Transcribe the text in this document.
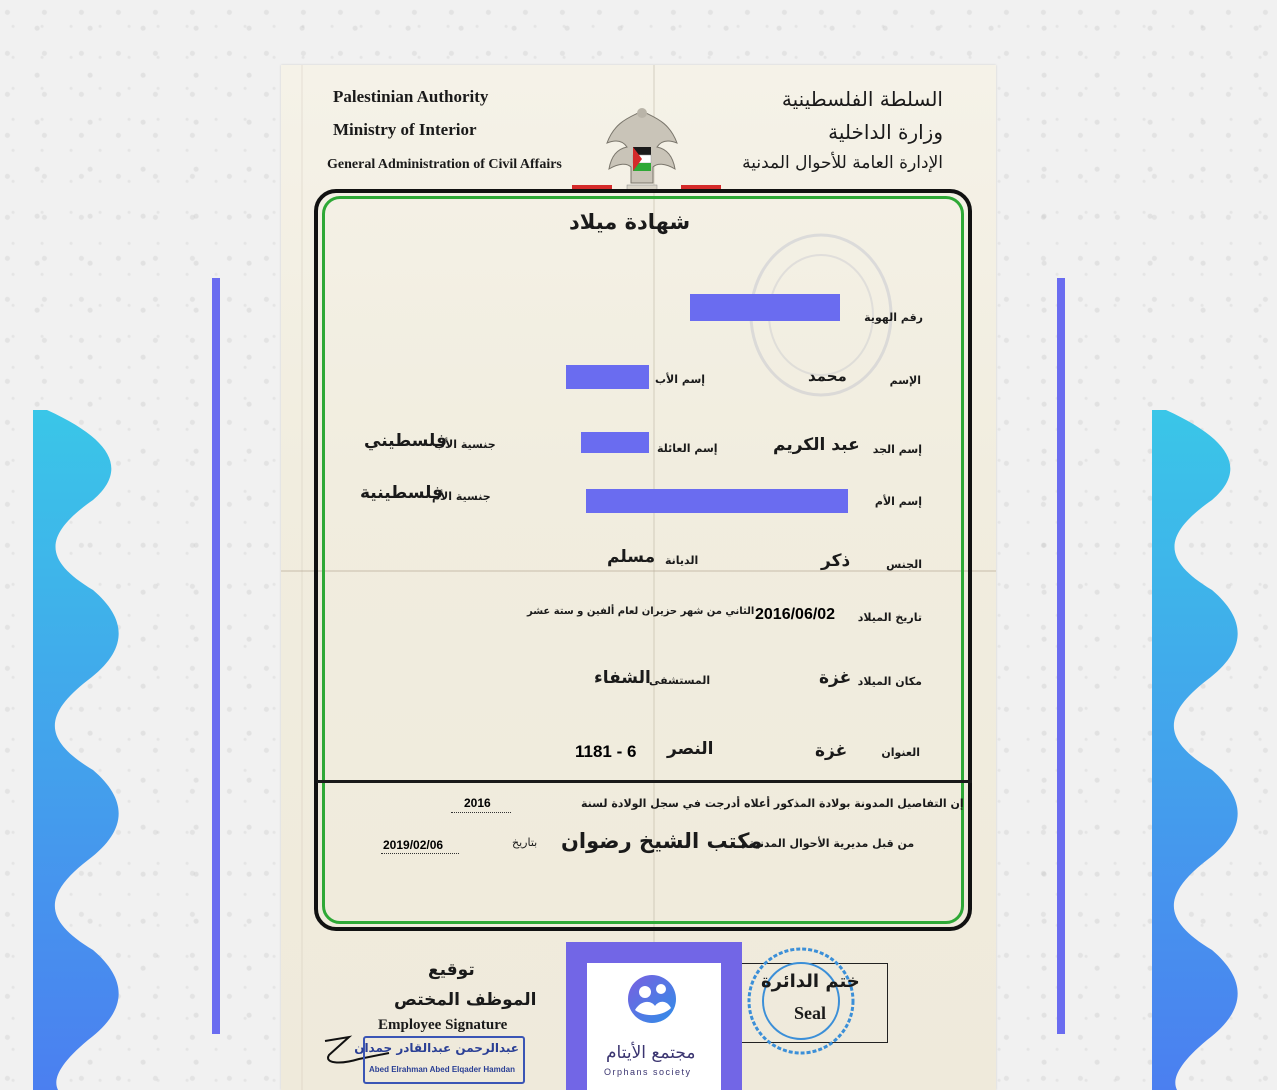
Palestinian Authority
Ministry of Interior
General Administration of Civil Affairs
السلطة الفلسطينية
وزارة الداخلية
الإدارة العامة للأحوال المدنية
شهادة ميلاد
رقم الهوية
الإسم
محمد
إسم الأب
إسم الجد
عبد الكريم
إسم العائلة
جنسية الأب
فلسطيني
إسم الأم
جنسية الأم
فلسطينية
الجنس
ذكر
الديانة
مسلم
تاريخ الميلاد
2016/06/02
الثاني من شهر حزيران لعام ألفين و ستة عشر
مكان الميلاد
غزة
المستشفى
الشفاء
العنوان
غزة
النصر
1181 - 6
إن التفاصيل المدونة بولادة المذكور أعلاه أدرجت في سجل الولادة لسنة
2016
من قبل مديرية الأحوال المدنية بـ
مكتب الشيخ رضوان
بتاريخ
2019/02/06
توقيع
الموظف المختص
Employee Signature
عبدالرحمن عبدالقادر حمدان
Abed Elrahman Abed Elqader Hamdan
ختم الدائرة
Seal
مجتمع الأيتام
Orphans society
